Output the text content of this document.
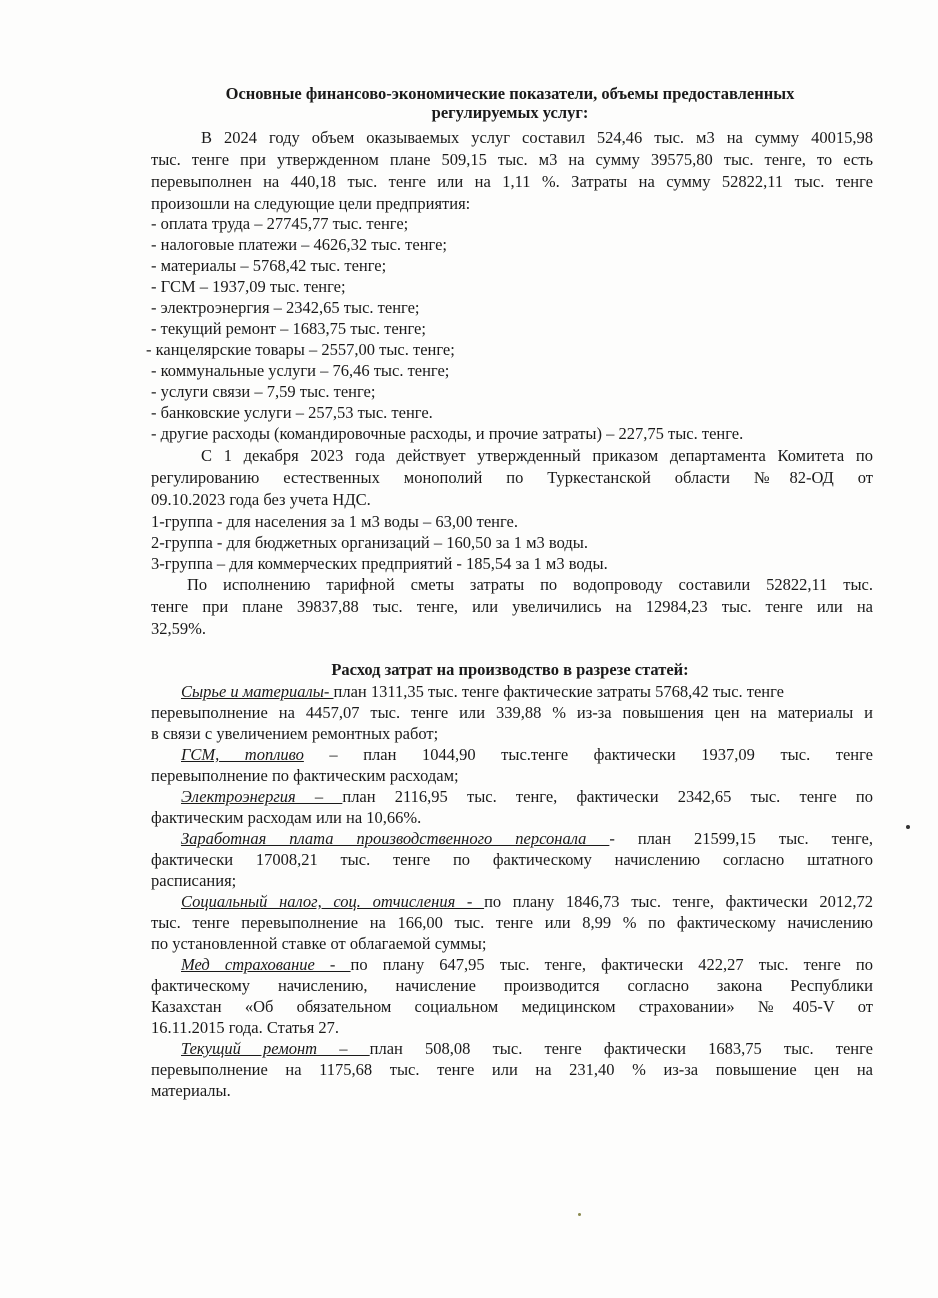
Основные финансово-экономические показатели, объемы предоставленных
регулируемых услуг:
В 2024 году объем оказываемых услуг составил 524,46 тыс. м3 на сумму 40015,98
тыс. тенге при утвержденном плане 509,15 тыс. м3 на сумму 39575,80 тыс. тенге, то есть
перевыполнен на 440,18 тыс. тенге или на 1,11 %. Затраты на сумму 52822,11 тыс. тенге
произошли на следующие цели предприятия:
- оплата труда – 27745,77 тыс. тенге;
- налоговые платежи – 4626,32 тыс. тенге;
- материалы – 5768,42 тыс. тенге;
- ГСМ – 1937,09 тыс. тенге;
- электроэнергия – 2342,65 тыс. тенге;
- текущий ремонт – 1683,75 тыс. тенге;
- канцелярские товары – 2557,00 тыс. тенге;
- коммунальные услуги – 76,46 тыс. тенге;
- услуги связи – 7,59 тыс. тенге;
- банковские услуги – 257,53 тыс. тенге.
- другие расходы (командировочные расходы, и прочие затраты) – 227,75 тыс. тенге.
С 1 декабря 2023 года действует утвержденный приказом департамента Комитета по
регулированию естественных монополий по Туркестанской области №82-ОД от
09.10.2023 года без учета НДС.
1-группа - для населения за 1 м3 воды – 63,00 тенге.
2-группа - для бюджетных организаций – 160,50 за 1 м3 воды.
3-группа – для коммерческих предприятий - 185,54 за 1 м3 воды.
По исполнению тарифной сметы затраты по водопроводу составили 52822,11 тыс.
тенге при плане 39837,88 тыс. тенге, или увеличились на 12984,23 тыс. тенге или на
32,59%.
Расход затрат на производство в разрезе статей:
Сырье и материалы- план 1311,35 тыс. тенге фактические затраты 5768,42 тыс. тенге
перевыполнение на 4457,07 тыс. тенге или 339,88 % из-за повышения цен на материалы и
в связи с увеличением ремонтных работ;
ГСМ, топливо – план 1044,90 тыс.тенге фактически 1937,09 тыс. тенге
перевыполнение по фактическим расходам;
Электроэнергия – план 2116,95 тыс. тенге, фактически 2342,65 тыс. тенге по
фактическим расходам или на 10,66%.
Заработная плата производственного персонала - план 21599,15 тыс. тенге,
фактически 17008,21 тыс. тенге по фактическому начислению согласно штатного
расписания;
Социальный налог, соц. отчисления - по плану 1846,73 тыс. тенге, фактически 2012,72
тыс. тенге перевыполнение на 166,00 тыс. тенге или 8,99 % по фактическому начислению
по установленной ставке от облагаемой суммы;
Мед страхование - по плану 647,95 тыс. тенге, фактически 422,27 тыс. тенге по
фактическому начислению, начисление производится согласно закона Республики
Казахстан «Об обязательном социальном медицинском страховании» №405-V от
16.11.2015 года. Статья 27.
Текущий ремонт – план 508,08 тыс. тенге фактически 1683,75 тыс. тенге
перевыполнение на 1175,68 тыс. тенге или на 231,40 % из-за повышение цен на
материалы.
